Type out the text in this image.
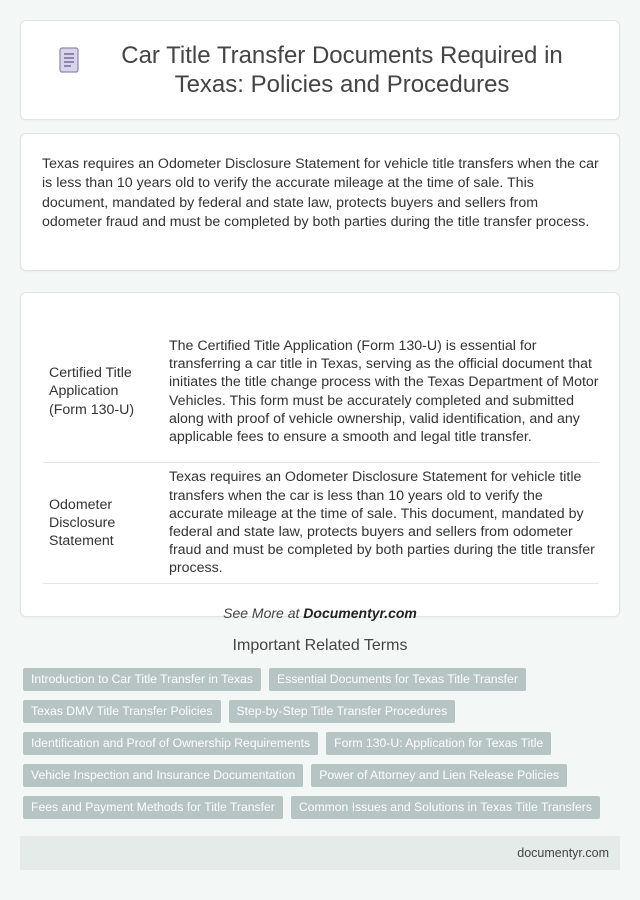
Car Title Transfer Documents Required in Texas: Policies and Procedures

Texas requires an Odometer Disclosure Statement for vehicle title transfers when the car is less than 10 years old to verify the accurate mileage at the time of sale. This document, mandated by federal and state law, protects buyers and sellers from odometer fraud and must be completed by both parties during the title transfer process.

Certified Title Application (Form 130-U)	The Certified Title Application (Form 130-U) is essential for transferring a car title in Texas, serving as the official document that initiates the title change process with the Texas Department of Motor Vehicles. This form must be accurately completed and submitted along with proof of vehicle ownership, valid identification, and any applicable fees to ensure a smooth and legal title transfer.
Odometer Disclosure Statement	Texas requires an Odometer Disclosure Statement for vehicle title transfers when the car is less than 10 years old to verify the accurate mileage at the time of sale. This document, mandated by federal and state law, protects buyers and sellers from odometer fraud and must be completed by both parties during the title transfer process.
See More at Documentyr.com
Important Related Terms
Introduction to Car Title Transfer in Texas	Essential Documents for Texas Title Transfer
Texas DMV Title Transfer Policies	Step-by-Step Title Transfer Procedures
Identification and Proof of Ownership Requirements	Form 130-U: Application for Texas Title
Vehicle Inspection and Insurance Documentation	Power of Attorney and Lien Release Policies
Fees and Payment Methods for Title Transfer	Common Issues and Solutions in Texas Title Transfers
documentyr.com
